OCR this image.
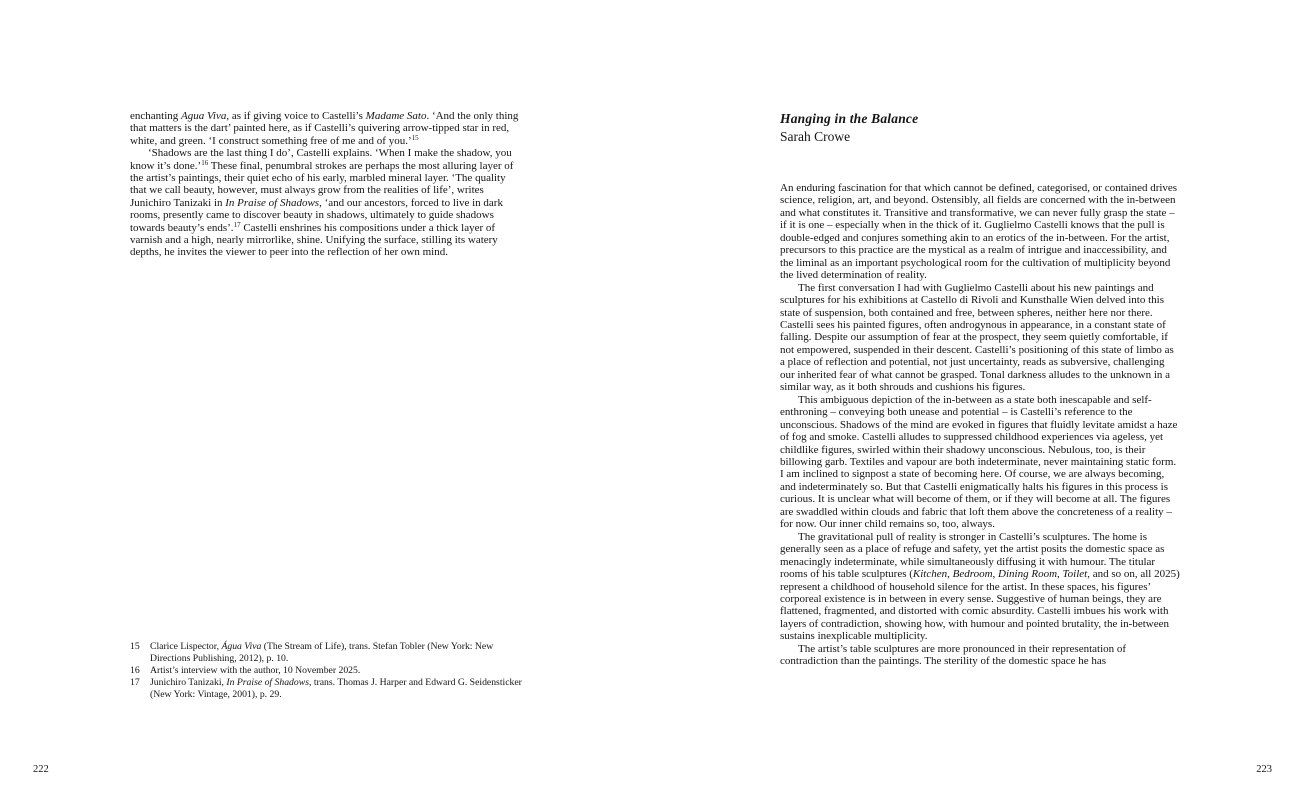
enchanting Agua Viva, as if giving voice to Castelli’s Madame Sato. ‘And the only thing that matters is the dart’ painted here, as if Castelli’s quivering arrow-tipped star in red, white, and green. ‘I construct something free of me and of you.’$^{15}$

‘Shadows are the last thing I do’, Castelli explains. ‘When I make the shadow, you know it’s done.’$^{16}$ These final, penumbral strokes are perhaps the most alluring layer of the artist’s paintings, their quiet echo of his early, marbled mineral layer. ‘The quality that we call beauty, however, must always grow from the realities of life’, writes Junichiro Tanizaki in In Praise of Shadows, ‘and our ancestors, forced to live in dark rooms, presently came to discover beauty in shadows, ultimately to guide shadows towards beauty’s ends’.$^{17}$ Castelli enshrines his compositions under a thick layer of varnish and a high, nearly mirrorlike, shine. Unifying the surface, stilling its watery depths, he invites the viewer to peer into the reflection of her own mind.

15	Clarice Lispector, Água Viva (The Stream of Life), trans. Stefan Tobler (New York: New Directions Publishing, 2012), p. 10.
16	Artist’s interview with the author, 10 November 2025.
17	Junichiro Tanizaki, In Praise of Shadows, trans. Thomas J. Harper and Edward G. Seidensticker (New York: Vintage, 2001), p. 29.
222
Hanging in the Balance
Sarah Crowe

An enduring fascination for that which cannot be defined, categorised, or contained drives science, religion, art, and beyond. Ostensibly, all fields are concerned with the in-between and what constitutes it. Transitive and transformative, we can never fully grasp the state – if it is one – especially when in the thick of it. Guglielmo Castelli knows that the pull is double-edged and conjures something akin to an erotics of the in-between. For the artist, precursors to this practice are the mystical as a realm of intrigue and inaccessibility, and the liminal as an important psychological room for the cultivation of multiplicity beyond the lived determination of reality.

The first conversation I had with Guglielmo Castelli about his new paintings and sculptures for his exhibitions at Castello di Rivoli and Kunsthalle Wien delved into this state of suspension, both contained and free, between spheres, neither here nor there. Castelli sees his painted figures, often androgynous in appearance, in a constant state of falling. Despite our assumption of fear at the prospect, they seem quietly comfortable, if not empowered, suspended in their descent. Castelli’s positioning of this state of limbo as a place of reflection and potential, not just uncertainty, reads as subversive, challenging our inherited fear of what cannot be grasped. Tonal darkness alludes to the unknown in a similar way, as it both shrouds and cushions his figures.

This ambiguous depiction of the in-between as a state both inescapable and self-enthroning – conveying both unease and potential – is Castelli’s reference to the unconscious. Shadows of the mind are evoked in figures that fluidly levitate amidst a haze of fog and smoke. Castelli alludes to suppressed childhood experiences via ageless, yet childlike figures, swirled within their shadowy unconscious. Nebulous, too, is their billowing garb. Textiles and vapour are both indeterminate, never maintaining static form. I am inclined to signpost a state of becoming here. Of course, we are always becoming, and indeterminately so. But that Castelli enigmatically halts his figures in this process is curious. It is unclear what will become of them, or if they will become at all. The figures are swaddled within clouds and fabric that loft them above the concreteness of a reality – for now. Our inner child remains so, too, always.

The gravitational pull of reality is stronger in Castelli’s sculptures. The home is generally seen as a place of refuge and safety, yet the artist posits the domestic space as menacingly indeterminate, while simultaneously diffusing it with humour. The titular rooms of his table sculptures (Kitchen, Bedroom, Dining Room, Toilet, and so on, all 2025) represent a childhood of household silence for the artist. In these spaces, his figures’ corporeal existence is in between in every sense. Suggestive of human beings, they are flattened, fragmented, and distorted with comic absurdity. Castelli imbues his work with layers of contradiction, showing how, with humour and pointed brutality, the in-between sustains inexplicable multiplicity.

The artist’s table sculptures are more pronounced in their representation of contradiction than the paintings. The sterility of the domestic space he has

223
